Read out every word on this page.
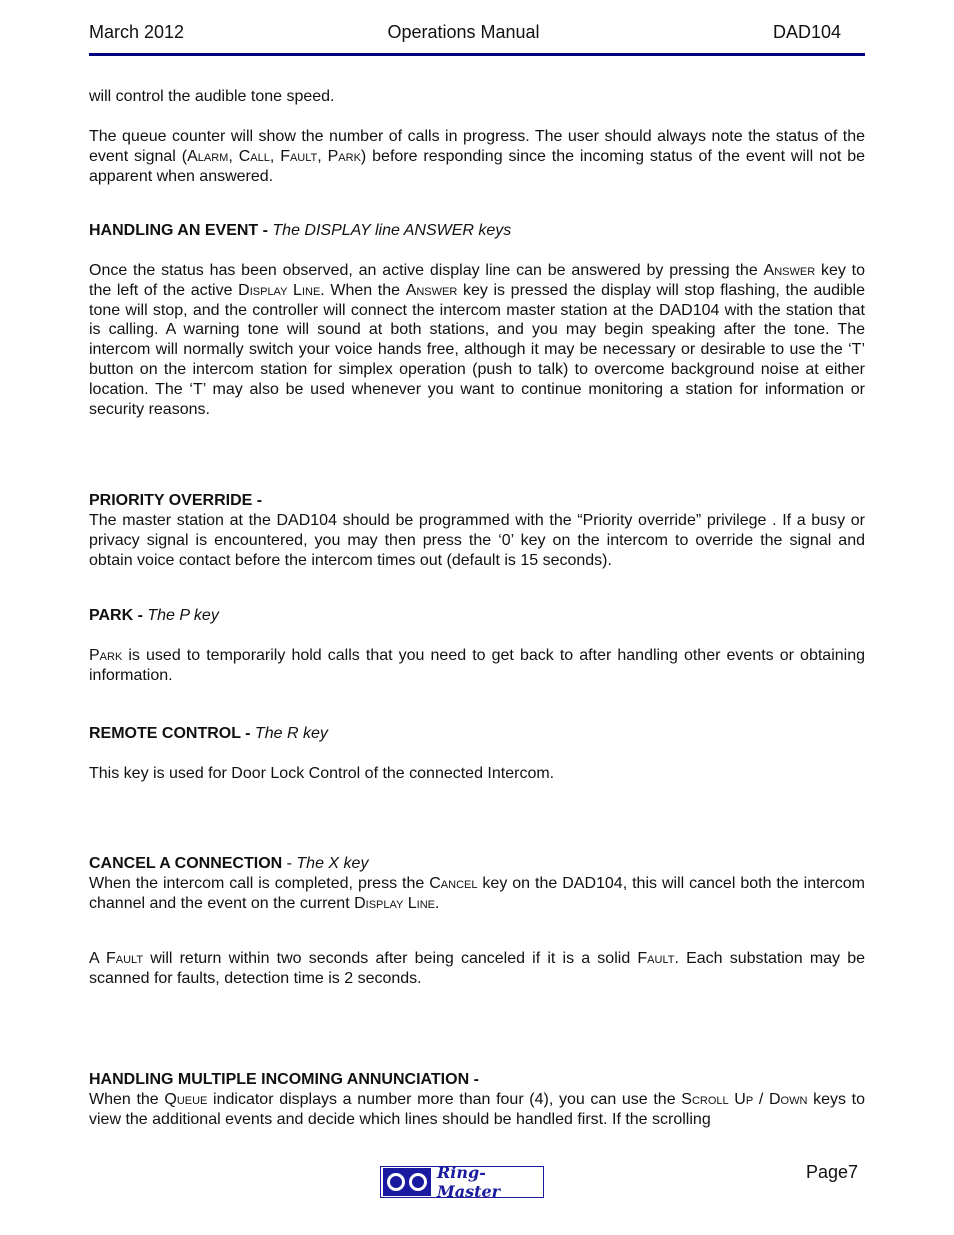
March 2012	Operations Manual	DAD104

will control the audible tone speed.

The queue counter will show the number of calls in progress. The user should always note the status of the event signal (Alarm, Call, Fault, Park) before responding since the incoming status of the event will not be apparent when answered.

HANDLING AN EVENT - The DISPLAY line ANSWER keys

Once the status has been observed, an active display line can be answered by pressing the Answer key to the left of the active Display Line. When the Answer key is pressed the display will stop flashing, the audible tone will stop, and the controller will connect the intercom master station at the DAD104 with the station that is calling. A warning tone will sound at both stations, and you may begin speaking after the tone. The intercom will normally switch your voice hands free, although it may be necessary or desirable to use the ‘T’ button on the intercom station for simplex operation (push to talk) to overcome background noise at either location. The ‘T’ may also be used whenever you want to continue monitoring a station for information or security reasons.

PRIORITY OVERRIDE -

The master station at the DAD104 should be programmed with the “Priority override” privilege . If a busy or privacy signal is encountered, you may then press the ‘0’ key on the intercom to override the signal and obtain voice contact before the intercom times out (default is 15 seconds).

PARK - The P key

Park is used to temporarily hold calls that you need to get back to after handling other events or obtaining information.

REMOTE CONTROL - The R key

This key is used for Door Lock Control of the connected Intercom.

CANCEL A CONNECTION - The X key

When the intercom call is completed, press the Cancel key on the DAD104, this will cancel both the intercom channel and the event on the current Display Line.

A Fault will return within two seconds after being canceled if it is a solid Fault. Each substation may be scanned for faults, detection time is 2 seconds.

HANDLING MULTIPLE INCOMING ANNUNCIATION -

When the Queue indicator displays a number more than four (4), you can use the Scroll Up / Down keys to view the additional events and decide which lines should be handled first. If the scrolling

Ring-Master
Page7
